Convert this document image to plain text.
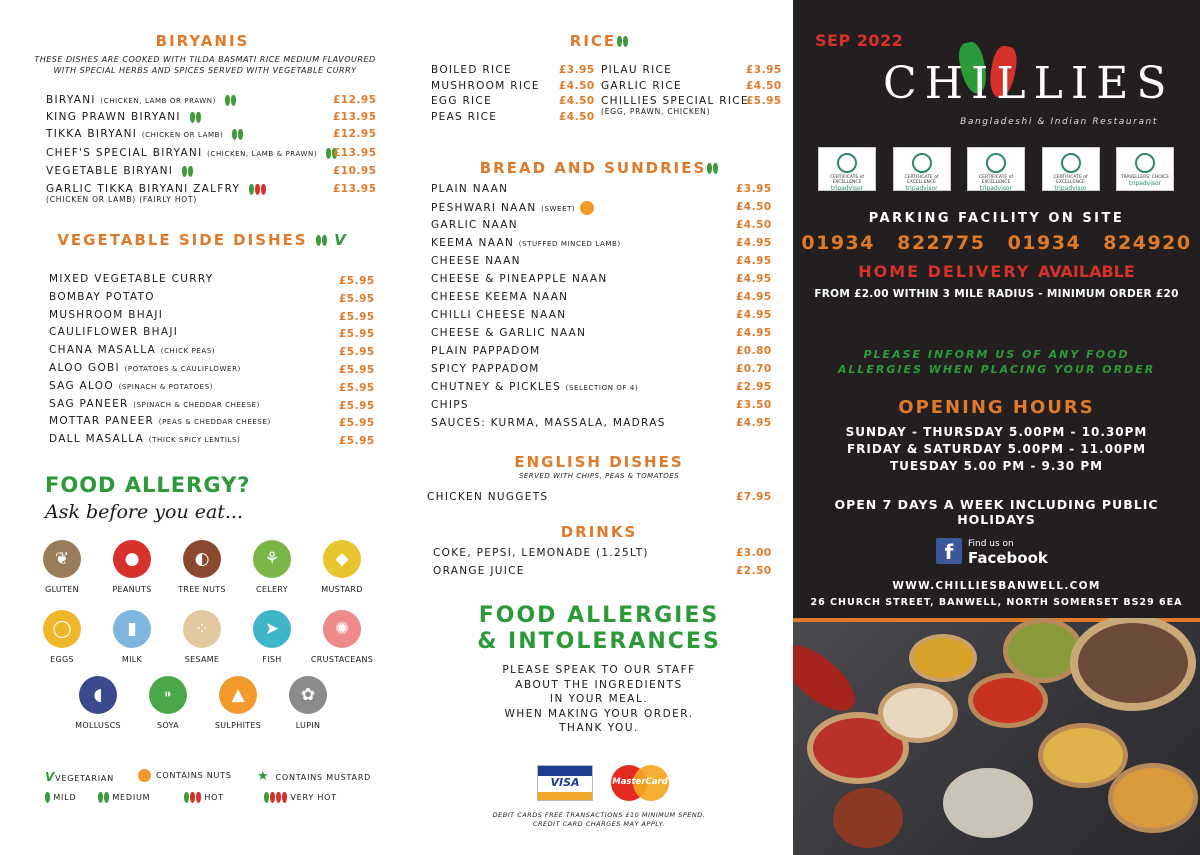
BIRYANIS
THESE DISHES ARE COOKED WITH TILDA BASMATI RICE MEDIUM FLAVOURED WITH SPECIAL HERBS AND SPICES SERVED WITH VEGETABLE CURRY
BIRYANI (CHICKEN, LAMB OR PRAWN)	£12.95
KING PRAWN BIRYANI	£13.95
TIKKA BIRYANI (CHICKEN OR LAMB)	£12.95
CHEF'S SPECIAL BIRYANI (CHICKEN, LAMB & PRAWN)	£13.95
VEGETABLE BIRYANI	£10.95
GARLIC TIKKA BIRYANI ZALFRY	£13.95
(CHICKEN OR LAMB) (FAIRLY HOT)
VEGETABLE SIDE DISHES V
MIXED VEGETABLE CURRY	£5.95
BOMBAY POTATO	£5.95
MUSHROOM BHAJI	£5.95
CAULIFLOWER BHAJI	£5.95
CHANA MASALLA (CHICK PEAS)	£5.95
ALOO GOBI (POTATOES & CAULIFLOWER)	£5.95
SAG ALOO (SPINACH & POTATOES)	£5.95
SAG PANEER (SPINACH & CHEDDAR CHEESE)	£5.95
MOTTAR PANEER (PEAS & CHEDDAR CHEESE)	£5.95
DALL MASALLA (THICK SPICY LENTILS)	£5.95
FOOD ALLERGY?
Ask before you eat...
❦
GLUTEN
●
PEANUTS
◐
TREE NUTS
⚘
CELERY
◆
MUSTARD
◯
EGGS
▮
MILK
⁘
SESAME
➤
FISH
✺
CRUSTACEANS
◖
MOLLUSCS
⁍
SOYA
▲
SULPHITES
✿
LUPIN
VVEGETARIAN	CONTAINS NUTS ★ CONTAINS MUSTARD
MILD	MEDIUM	HOT	VERY HOT
RICE
BOILED RICE	£3.95
MUSHROOM RICE £4.50
EGG RICE	£4.50
PEAS RICE	£4.50
PILAU RICE	£3.95
GARLIC RICE	£4.50
CHILLIES SPECIAL RICE
£5.95
(EGG, PRAWN, CHICKEN)
BREAD AND SUNDRIES
PLAIN NAAN	£3.95
PESHWARI NAAN (SWEET)	£4.50
GARLIC NAAN	£4.50
KEEMA NAAN (STUFFED MINCED LAMB)	£4.95
CHEESE NAAN	£4.95
CHEESE & PINEAPPLE NAAN	£4.95
CHEESE KEEMA NAAN	£4.95
CHILLI CHEESE NAAN	£4.95
CHEESE & GARLIC NAAN	£4.95
PLAIN PAPPADOM	£0.80
SPICY PAPPADOM	£0.70
CHUTNEY & PICKLES (SELECTION OF 4)	£2.95
CHIPS	£3.50
SAUCES: KURMA, MASSALA, MADRAS	£4.95
ENGLISH DISHES
SERVED WITH CHIPS, PEAS & TOMATOES
CHICKEN NUGGETS	£7.95
DRINKS
COKE, PEPSI, LEMONADE (1.25LT)	£3.00
ORANGE JUICE	£2.50
FOOD ALLERGIES
& INTOLERANCES
PLEASE SPEAK TO OUR STAFF
ABOUT THE INGREDIENTS
IN YOUR MEAL.
WHEN MAKING YOUR ORDER.
THANK YOU.
VISA	MasterCard
DEBIT CARDS FREE TRANSACTIONS £10 MINIMUM SPEND.
CREDIT CARD CHARGES MAY APPLY.
SEP 2022
CHILLIES
Bangladeshi & Indian Restaurant
CERTIFICATE of EXCELLENCE
tripadvisor
CERTIFICATE of EXCELLENCE
tripadvisor
CERTIFICATE of EXCELLENCE
tripadvisor
CERTIFICATE of EXCELLENCE
tripadvisor
TRAVELLERS' CHOICE
tripadvisor
PARKING FACILITY ON SITE
01934 822775 01934 824920
HOME DELIVERY AVAILABLE
FROM £2.00 WITHIN 3 MILE RADIUS - MINIMUM ORDER £20
PLEASE INFORM US OF ANY FOOD
ALLERGIES WHEN PLACING YOUR ORDER
OPENING HOURS
SUNDAY - THURSDAY 5.00PM - 10.30PM
FRIDAY & SATURDAY 5.00PM - 11.00PM
TUESDAY 5.00 PM - 9.30 PM
OPEN 7 DAYS A WEEK INCLUDING PUBLIC HOLIDAYS
f	Find us on
Facebook
WWW.CHILLIESBANWELL.COM
26 CHURCH STREET, BANWELL, NORTH SOMERSET BS29 6EA
